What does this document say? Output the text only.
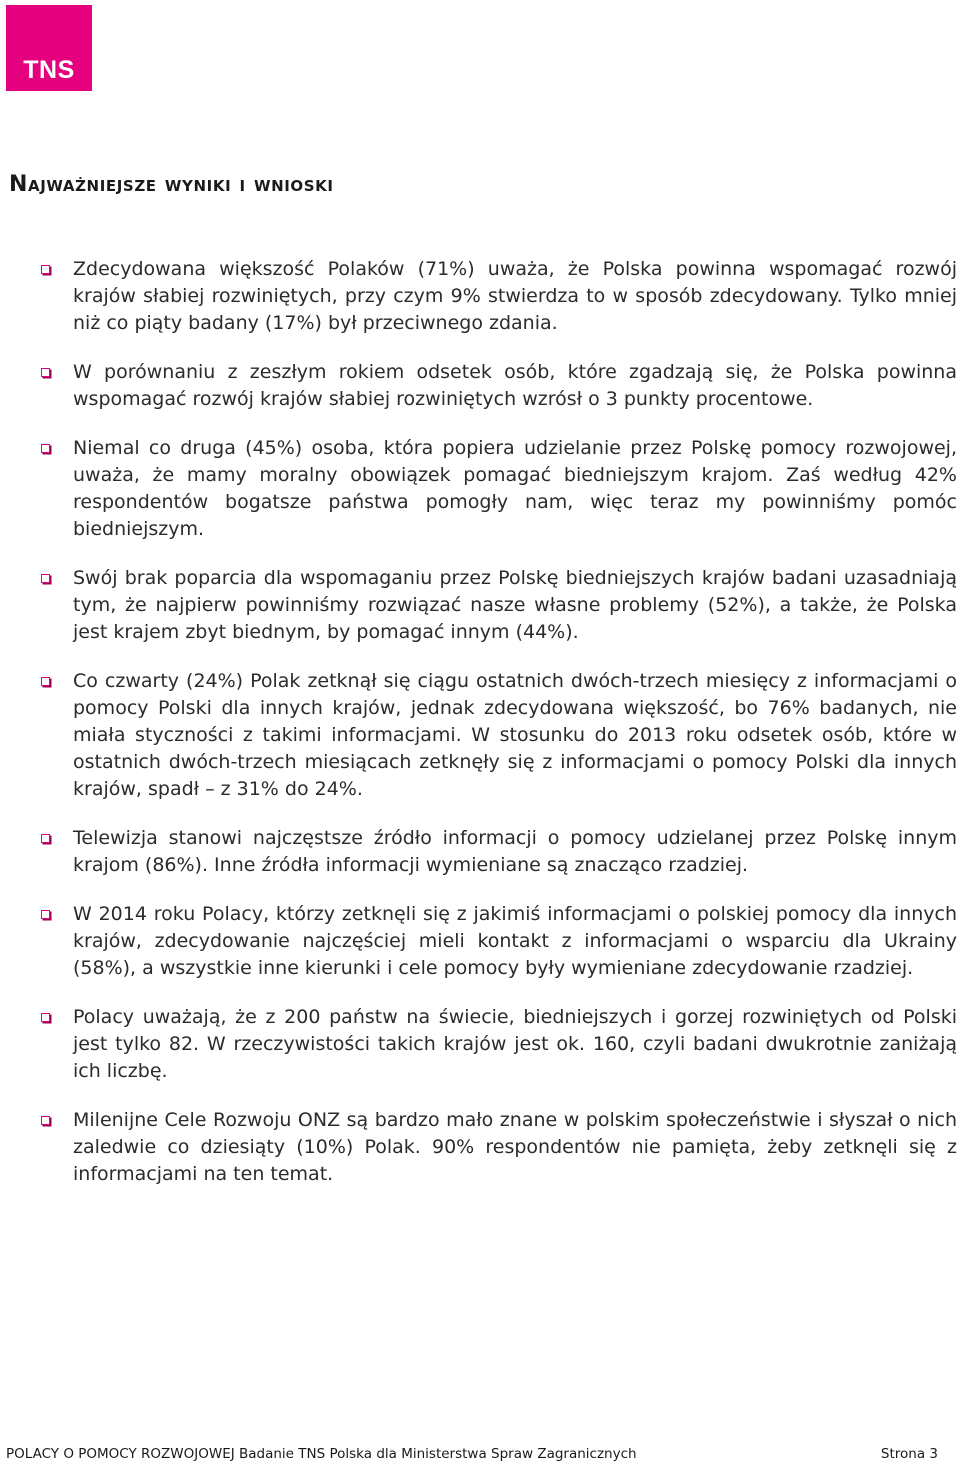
TNS
Najważniejsze wyniki i wnioski

Zdecydowana większość Polaków (71%) uważa, że Polska powinna wspomagać rozwój krajów słabiej rozwiniętych, przy czym 9% stwierdza to w sposób zdecydowany. Tylko mniej niż co piąty badany (17%) był przeciwnego zdania.

W porównaniu z zeszłym rokiem odsetek osób, które zgadzają się, że Polska powinna wspomagać rozwój krajów słabiej rozwiniętych wzrósł o 3 punkty procentowe.

Niemal co druga (45%) osoba, która popiera udzielanie przez Polskę pomocy rozwojowej, uważa, że mamy moralny obowiązek pomagać biedniejszym krajom. Zaś według 42% respondentów bogatsze państwa pomogły nam, więc teraz my powinniśmy pomóc biedniejszym.

Swój brak poparcia dla wspomaganiu przez Polskę biedniejszych krajów badani uzasadniają tym, że najpierw powinniśmy rozwiązać nasze własne problemy (52%), a także, że Polska jest krajem zbyt biednym, by pomagać innym (44%).

Co czwarty (24%) Polak zetknął się ciągu ostatnich dwóch-trzech miesięcy z informacjami o pomocy Polski dla innych krajów, jednak zdecydowana większość, bo 76% badanych, nie miała styczności z takimi informacjami. W stosunku do 2013 roku odsetek osób, które w ostatnich dwóch-trzech miesiącach zetknęły się z informacjami o pomocy Polski dla innych krajów, spadł – z 31% do 24%.

Telewizja stanowi najczęstsze źródło informacji o pomocy udzielanej przez Polskę innym krajom (86%). Inne źródła informacji wymieniane są znacząco rzadziej.

W 2014 roku Polacy, którzy zetknęli się z jakimiś informacjami o polskiej pomocy dla innych krajów, zdecydowanie najczęściej mieli kontakt z informacjami o wsparciu dla Ukrainy (58%), a wszystkie inne kierunki i cele pomocy były wymieniane zdecydowanie rzadziej.

Polacy uważają, że z 200 państw na świecie, biedniejszych i gorzej rozwiniętych od Polski jest tylko 82. W rzeczywistości takich krajów jest ok. 160, czyli badani dwukrotnie zaniżają ich liczbę.

Milenijne Cele Rozwoju ONZ są bardzo mało znane w polskim społeczeństwie i słyszał o nich zaledwie co dziesiąty (10%) Polak. 90% respondentów nie pamięta, żeby zetknęli się z informacjami na ten temat.

POLACY O POMOCY ROZWOJOWEJ Badanie TNS Polska dla Ministerstwa Spraw Zagranicznych	Strona 3
